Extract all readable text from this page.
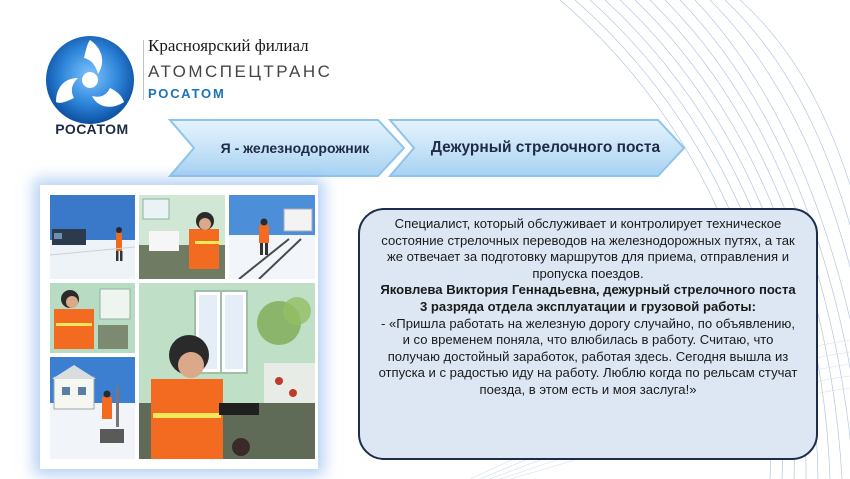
РОСАТОМ
Красноярский филиал
АТОМСПЕЦТРАНС
РОСАТОМ
Я - железнодорожник	Дежурный стрелочного поста
Специалист, который обслуживает и контролирует техническое состояние стрелочных переводов на железнодорожных путях, а так же отвечает за подготовку маршрутов для приема, отправления и пропуска поездов.
Яковлева Виктория Геннадьевна, дежурный стрелочного поста 3 разряда отдела эксплуатации и грузовой работы:
- «Пришла работать на железную дорогу случайно, по объявлению, и со временем поняла, что влюбилась в работу. Считаю, что получаю достойный заработок, работая здесь. Сегодня вышла из отпуска и с радостью иду на работу. Люблю когда по рельсам стучат поезда, в этом есть и моя заслуга!»
